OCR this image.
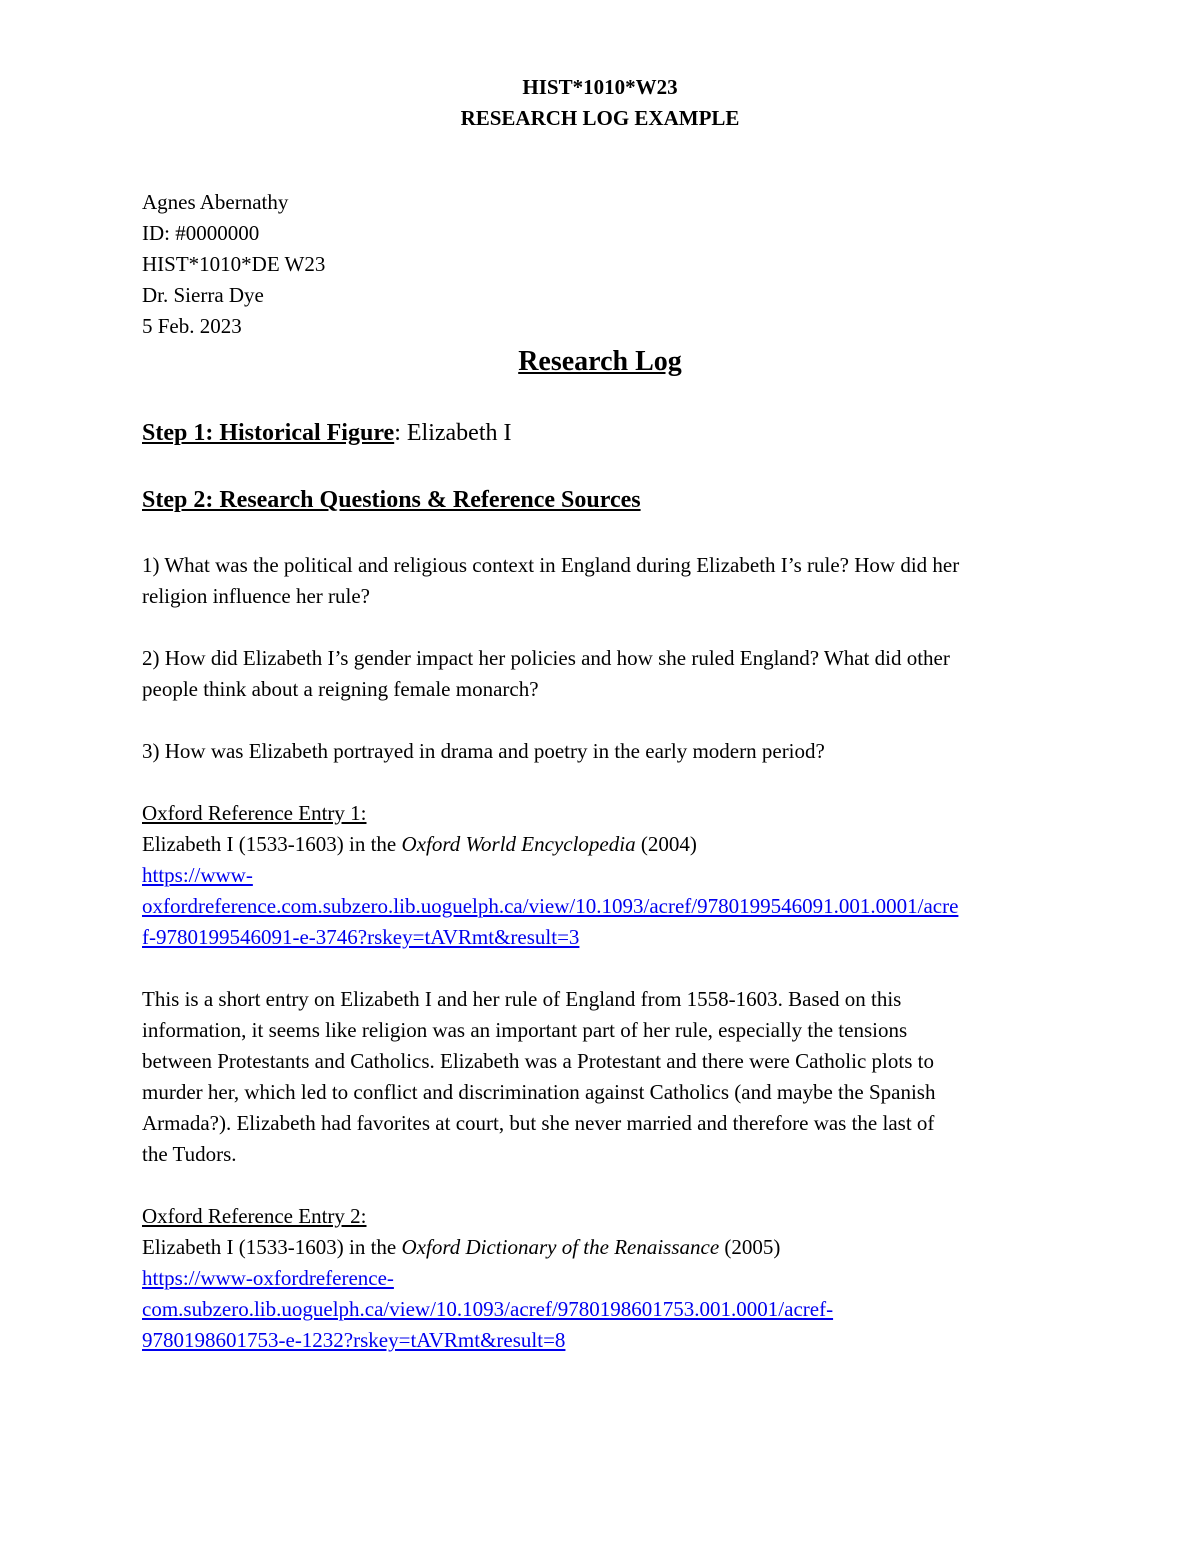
HIST*1010*W23
RESEARCH LOG EXAMPLE
Agnes Abernathy
ID: #0000000
HIST*1010*DE W23
Dr. Sierra Dye
5 Feb. 2023
Research Log
Step 1: Historical Figure: Elizabeth I
Step 2: Research Questions & Reference Sources
1) What was the political and religious context in England during Elizabeth I’s rule? How did her
religion influence her rule?
2) How did Elizabeth I’s gender impact her policies and how she ruled England? What did other
people think about a reigning female monarch?
3) How was Elizabeth portrayed in drama and poetry in the early modern period?
Oxford Reference Entry 1:
Elizabeth I (1533-1603) in the Oxford World Encyclopedia (2004)
https://www-
oxfordreference.com.subzero.lib.uoguelph.ca/view/10.1093/acref/9780199546091.001.0001/acre
f-9780199546091-e-3746?rskey=tAVRmt&result=3
This is a short entry on Elizabeth I and her rule of England from 1558-1603. Based on this
information, it seems like religion was an important part of her rule, especially the tensions
between Protestants and Catholics. Elizabeth was a Protestant and there were Catholic plots to
murder her, which led to conflict and discrimination against Catholics (and maybe the Spanish
Armada?). Elizabeth had favorites at court, but she never married and therefore was the last of
the Tudors.
Oxford Reference Entry 2:
Elizabeth I (1533-1603) in the Oxford Dictionary of the Renaissance (2005)
https://www-oxfordreference-
com.subzero.lib.uoguelph.ca/view/10.1093/acref/9780198601753.001.0001/acref-
9780198601753-e-1232?rskey=tAVRmt&result=8
